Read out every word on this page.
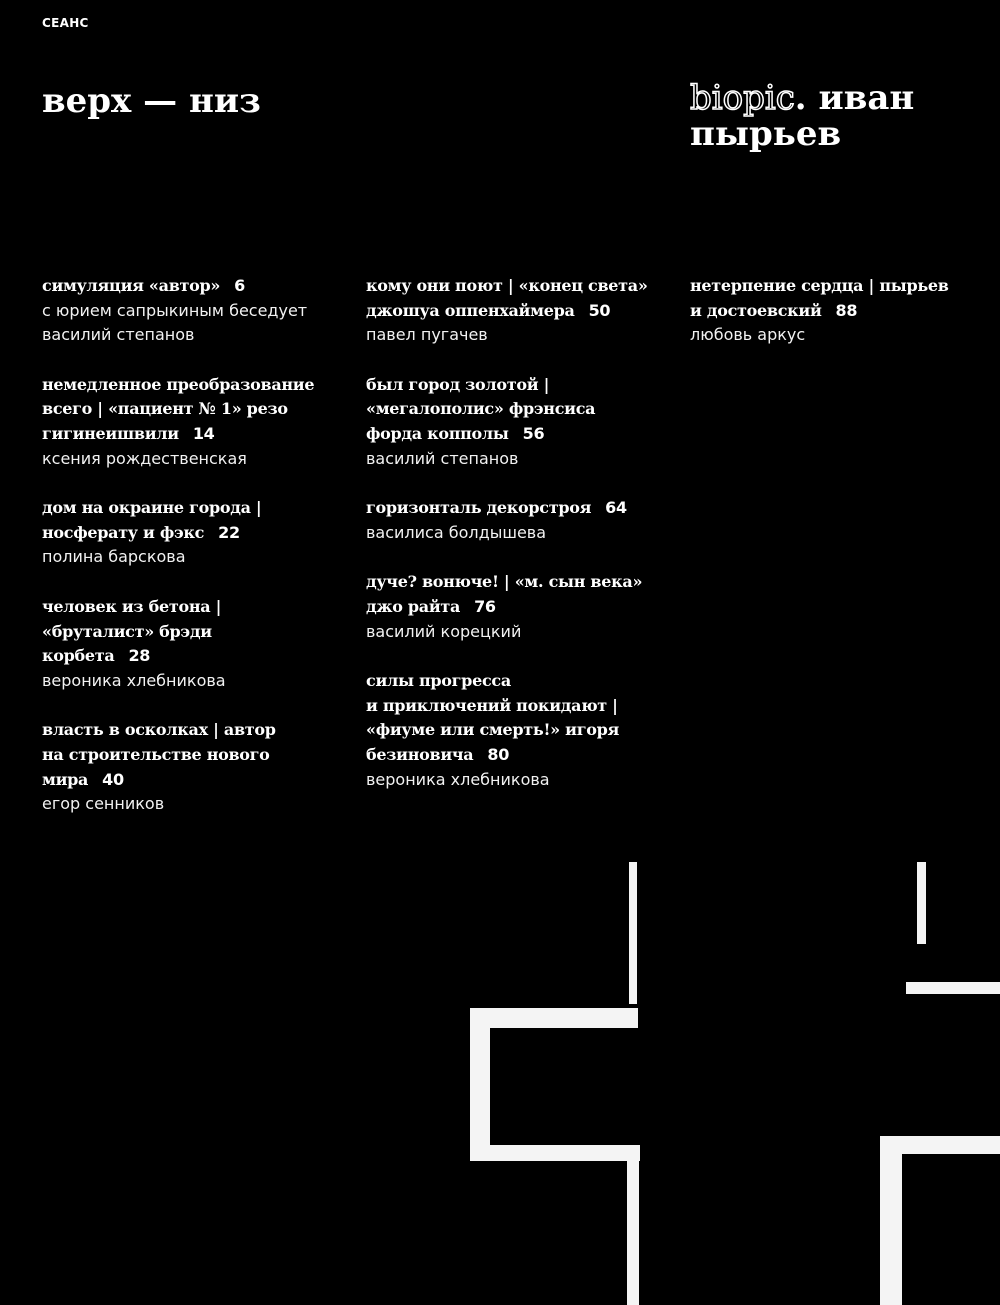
СЕАНС
верх — низ	biopic. иван
пырьев
симуляция «автор» 6
с юрием сапрыкиным беседует
василий степанов
немедленное преобразование
всего | «пациент № 1» резо
гигинеишвили 14
ксения рождественская
дом на окраине города |
носферату и фэкс 22
полина барскова
человек из бетона |
«бруталист» брэди
корбета 28
вероника хлебникова
власть в осколках | автор
на строительстве нового
мира 40
егор сенников
кому они поют | «конец света»
джошуа оппенхаймера 50
павел пугачев
был город золотой |
«мегалополис» фрэнсиса
форда копполы 56
василий степанов
горизонталь декорстроя 64
василиса болдышева
дуче? вонюче! | «м. сын века»
джо райта 76
василий корецкий
силы прогресса
и приключений покидают |
«фиуме или смерть!» игоря
безиновича 80
вероника хлебникова
нетерпение сердца | пырьев
и достоевский 88
любовь аркус
